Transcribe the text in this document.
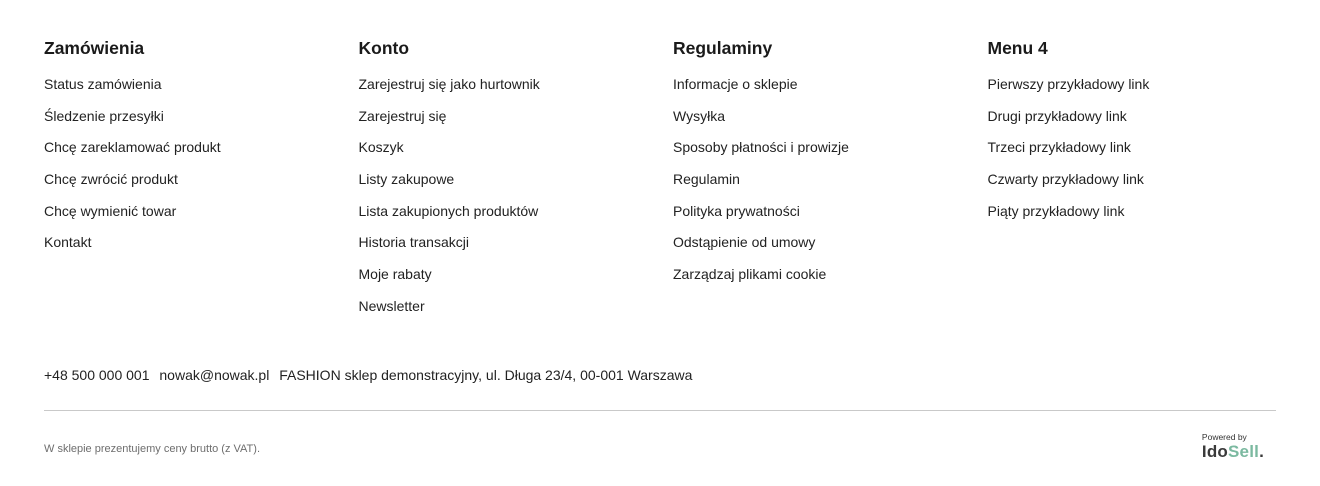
Zamówienia
Status zamówienia
Śledzenie przesyłki
Chcę zareklamować produkt
Chcę zwrócić produkt
Chcę wymienić towar
Kontakt
Konto
Zarejestruj się jako hurtownik
Zarejestruj się
Koszyk
Listy zakupowe
Lista zakupionych produktów
Historia transakcji
Moje rabaty
Newsletter
Regulaminy
Informacje o sklepie
Wysyłka
Sposoby płatności i prowizje
Regulamin
Polityka prywatności
Odstąpienie od umowy
Zarządzaj plikami cookie
Menu 4
Pierwszy przykładowy link
Drugi przykładowy link
Trzeci przykładowy link
Czwarty przykładowy link
Piąty przykładowy link
+48 500 000 001 nowak@nowak.pl FASHION sklep demonstracyjny, ul. Długa 23/4, 00-001 Warszawa
W sklepie prezentujemy ceny brutto (z VAT).
Powered by
IdoSell.
